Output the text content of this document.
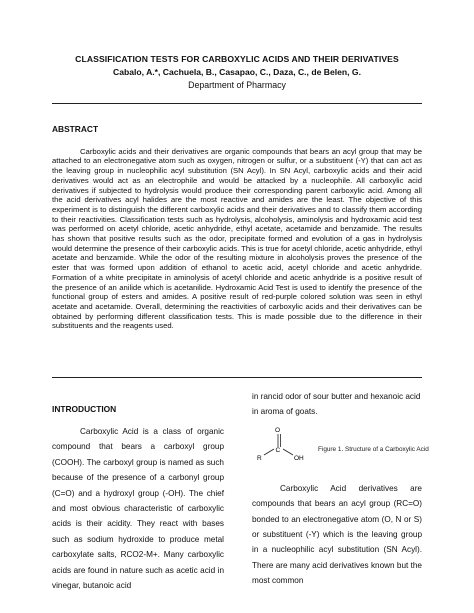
CLASSIFICATION TESTS FOR CARBOXYLIC ACIDS AND THEIR DERIVATIVES
Cabalo, A.*, Cachuela, B., Casapao, C., Daza, C., de Belen, G.
Department of Pharmacy
ABSTRACT

Carboxylic acids and their derivatives are organic compounds that bears an acyl group that may be attached to an electronegative atom such as oxygen, nitrogen or sulfur, or a substituent (-Y) that can act as the leaving group in nucleophilic acyl substitution (SN Acyl). In SN Acyl, carboxylic acids and their acid derivatives would act as an electrophile and would be attacked by a nucleophile. All carboxylic acid derivatives if subjected to hydrolysis would produce their corresponding parent carboxylic acid. Among all the acid derivatives acyl halides are the most reactive and amides are the least. The objective of this experiment is to distinguish the different carboxylic acids and their derivatives and to classify them according to their reactivities. Classification tests such as hydrolysis, alcoholysis, aminolysis and hydroxamic acid test was performed on acetyl chloride, acetic anhydride, ethyl acetate, acetamide and benzamide. The results has shown that positive results such as the odor, precipitate formed and evolution of a gas in hydrolysis would determine the presence of their carboxylic acids. This is true for acetyl chloride, acetic anhydride, ethyl acetate and benzamide. While the odor of the resulting mixture in alcoholysis proves the presence of the ester that was formed upon addition of ethanol to acetic acid, acetyl chloride and acetic anhydride. Formation of a white precipitate in aminolysis of acetyl chloride and acetic anhydride is a positive result of the presence of an anilide which is acetanilide. Hydroxamic Acid Test is used to identify the presence of the functional group of esters and amides. A positive result of red-purple colored solution was seen in ethyl acetate and acetamide. Overall, determining the reactivities of carboxylic acids and their derivatives can be obtained by performing different classification tests. This is made possible due to the difference in their substituents and the reagents used.

INTRODUCTION

Carboxylic Acid is a class of organic compound that bears a carboxyl group (COOH). The carboxyl group is named as such because of the presence of a carbonyl group (C=O) and a hydroxyl group (-OH). The chief and most obvious characteristic of carboxylic acids is their acidity. They react with bases such as sodium hydroxide to produce metal carboxylate salts, RCO2-M+. Many carboxylic acids are found in nature such as acetic acid in vinegar, butanoic acid

in rancid odor of sour butter and hexanoic acid in aroma of goats.

O
C
R	OH
Figure 1. Structure of a Carboxylic Acid

Carboxylic Acid derivatives are compounds that bears an acyl group (RC=O) bonded to an electronegative atom (O, N or S) or substituent (-Y) which is the leaving group in a nucleophilic acyl substitution (SN Acyl). There are many acid derivatives known but the most common
